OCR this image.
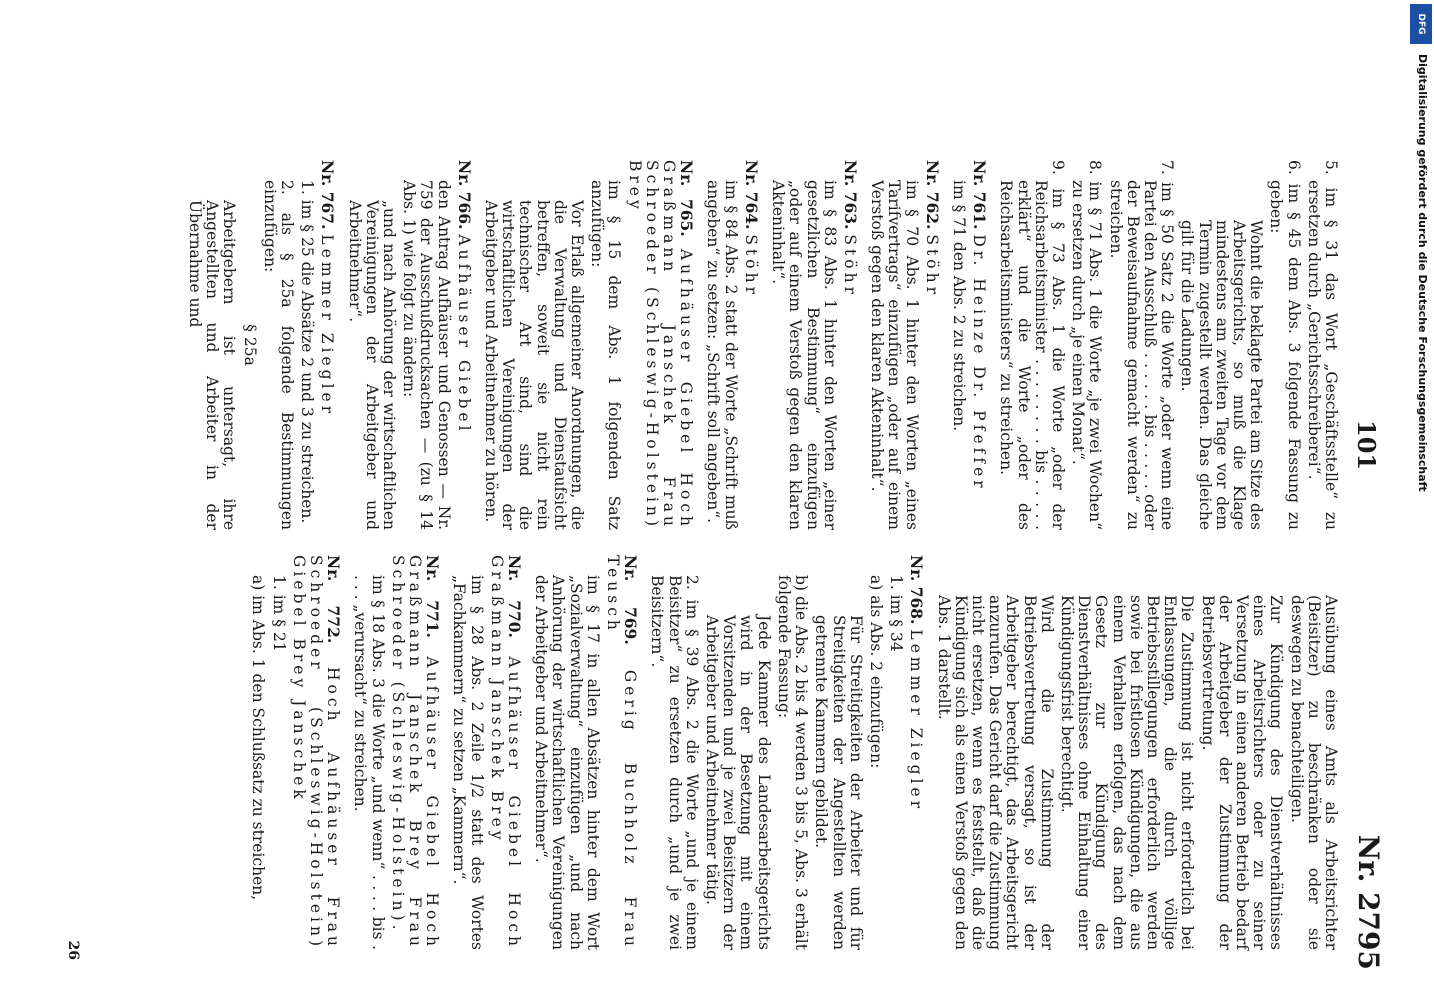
101
Nr. 2795

5. im § 31 das Wort „Geschäftsstelle“ zu ersetzen durch „Gerichtsschreiberei“.

6. im § 45 dem Abs. 3 folgende Fassung zu geben:

Wohnt die beklagte Partei am Sitze des Arbeitsgerichts, so muß die Klage mindestens am zweiten Tage vor dem Termin zugestellt werden. Das gleiche gilt für die Ladungen.

7. im § 50 Satz 2 die Worte „oder wenn eine Partei den Ausschluß . . . . . . bis . . . . . oder der Beweisaufnahme gemacht werden“ zu streichen.

8. im § 71 Abs. 1 die Worte „je zwei Wochen“ zu ersetzen durch „je einen Monat“.

9. im § 73 Abs. 1 die Worte „oder der Reichsarbeitsminister . . . . . . . . bis . . . . . erklärt“ und die Worte „oder des Reichsarbeitsministers“ zu streichen.

Nr. 761. Dr. Heinze Dr. Pfeffer

im § 71 den Abs. 2 zu streichen.

Nr. 762. Stöhr

im § 70 Abs. 1 hinter den Worten „eines Tarifvertrags“ einzufügen „oder auf einem Verstoß gegen den klaren Akteninhalt“.

Nr. 763. Stöhr

im § 83 Abs. 1 hinter den Worten „einer gesetzlichen Bestimmung“ einzufügen „oder auf einem Verstoß gegen den klaren Akteninhalt“.

Nr. 764. Stöhr

im § 84 Abs. 2 statt der Worte „Schrift muß angeben“ zu setzen: „Schrift soll angeben“.

Nr. 765. Aufhäuser Giebel Hoch Graßmann Janschek Frau Schroeder (Schleswig-Holstein) Brey

im § 15 dem Abs. 1 folgenden Satz anzufügen:

Vor Erlaß allgemeiner Anordnungen, die die Verwaltung und Dienstaufsicht betreffen, soweit sie nicht rein technischer Art sind, sind die wirtschaftlichen Vereinigungen der Arbeitgeber und Arbeitnehmer zu hören.

Nr. 766. Aufhäuser Giebel

den Antrag Aufhäuser und Genossen — Nr. 759 der Ausschußdrucksachen — (zu § 14 Abs. 1) wie folgt zu ändern:

„und nach Anhörung der wirtschaftlichen Vereinigungen der Arbeitgeber und Arbeitnehmer“.

Nr. 767. Lemmer Ziegler

1. im § 25 die Absätze 2 und 3 zu streichen.

2. als § 25a folgende Bestimmungen einzufügen:

§ 25a

Arbeitgebern ist untersagt, ihre Angestellten und Arbeiter in der Übernahme und

Ausübung eines Amts als Arbeitsrichter (Beisitzer) zu beschränken oder sie deswegen zu benachteiligen.

Zur Kündigung des Dienstverhältnisses eines Arbeitsrichters oder zu seiner Versetzung in einen anderen Betrieb bedarf der Arbeitgeber der Zustimmung der Betriebsvertretung.

Die Zustimmung ist nicht erforderlich bei Entlassungen, die durch völlige Betriebsstillegungen erforderlich werden sowie bei fristlosen Kündigungen, die aus einem Verhalten erfolgen, das nach dem Gesetz zur Kündigung des Dienstverhältnisses ohne Einhaltung einer Kündigungsfrist berechtigt.

Wird die Zustimmung der Betriebsvertretung versagt, so ist der Arbeitgeber berechtigt, das Arbeitsgericht anzurufen. Das Gericht darf die Zustimmung nicht ersetzen, wenn es feststellt, daß die Kündigung sich als einen Verstoß gegen den Abs. 1 darstellt.

Nr. 768. Lemmer Ziegler

1. im § 34

a) als Abs. 2 einzufügen:

Für Streitigkeiten der Arbeiter und für Streitigkeiten der Angestellten werden getrennte Kammern gebildet.

b) die Abs. 2 bis 4 werden 3 bis 5, Abs. 3 erhält folgende Fassung:

Jede Kammer des Landesarbeitsgerichts wird in der Besetzung mit einem Vorsitzenden und je zwei Beisitzern der Arbeitgeber und Arbeitnehmer tätig.

2. im § 39 Abs. 2 die Worte „und je einem Beisitzer“ zu ersetzen durch „und je zwei Beisitzern“.

Nr. 769. Gerig Buchholz Frau Teusch

im § 17 in allen Absätzen hinter dem Wort „Sozialverwaltung“ einzufügen „und nach Anhörung der wirtschaftlichen Vereinigungen der Arbeitgeber und Arbeitnehmer“.

Nr. 770. Aufhäuser Giebel Hoch Graßmann Janschek Brey

im § 28 Abs. 2 Zeile 1/2 statt des Wortes „Fachkammern“ zu setzen „Kammern“.

Nr. 771. Aufhäuser Giebel Hoch Graßmann Janschek Brey Frau Schroeder (Schleswig-Holstein).

im § 18 Abs. 3 die Worte „und wenn“ . . . . bis . . . . „verursacht“ zu streichen.

Nr. 772. Hoch Aufhäuser Frau Schroeder (Schleswig-Holstein) Giebel Brey Janschek

1. im § 21

a) im Abs. 1 den Schlußsatz zu streichen,

26
DFG
Digitalisierung gefördert durch die Deutsche Forschungsgemeinschaft
